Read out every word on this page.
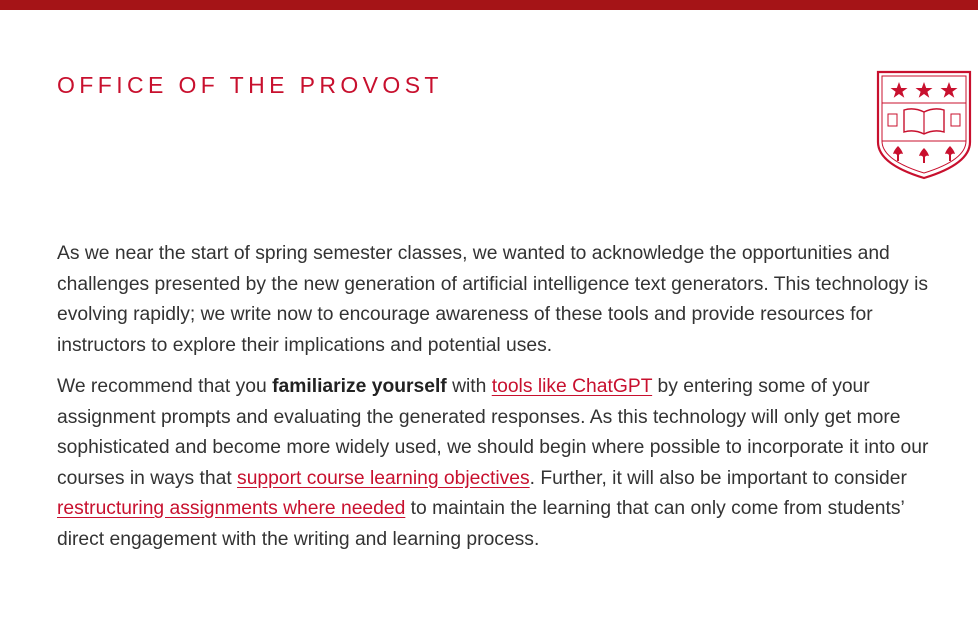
OFFICE OF THE PROVOST

As we near the start of spring semester classes, we wanted to acknowledge the opportunities and challenges presented by the new generation of artificial intelligence text generators. This technology is evolving rapidly; we write now to encourage awareness of these tools and provide resources for instructors to explore their implications and potential uses.

We recommend that you familiarize yourself with tools like ChatGPT by entering some of your assignment prompts and evaluating the generated responses. As this technology will only get more sophisticated and become more widely used, we should begin where possible to incorporate it into our courses in ways that support course learning objectives. Further, it will also be important to consider restructuring assignments where needed to maintain the learning that can only come from students’ direct engagement with the writing and learning process.
